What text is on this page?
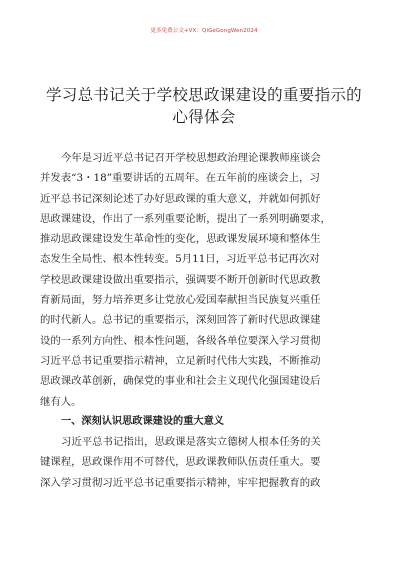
更多免费公文+VX：QiGeGongWen2024
学习总书记关于学校思政课建设的重要指示的
心得体会
今年是习近平总书记召开学校思想政治理论课教师座谈会
并发表“3・18”重要讲话的五周年。在五年前的座谈会上，习
近平总书记深刻论述了办好思政课的重大意义，并就如何抓好
思政课建设，作出了一系列重要论断，提出了一系列明确要求，
推动思政课建设发生革命性的变化，思政课发展环境和整体生
态发生全局性、根本性转变。5月11日，习近平总书记再次对
学校思政课建设做出重要指示，强调要不断开创新时代思政教
育新局面，努力培养更多让党放心爱国奉献担当民族复兴重任
的时代新人。总书记的重要指示，深刻回答了新时代思政课建
设的一系列方向性、根本性问题，各级各单位要深入学习贯彻
习近平总书记重要指示精神，立足新时代伟大实践，不断推动
思政课改革创新，确保党的事业和社会主义现代化强国建设后
继有人。
一、深刻认识思政课建设的重大意义
习近平总书记指出，思政课是落实立德树人根本任务的关
键课程，思政课作用不可替代，思政课教师队伍责任重大。要
深入学习贯彻习近平总书记重要指示精神，牢牢把握教育的政
